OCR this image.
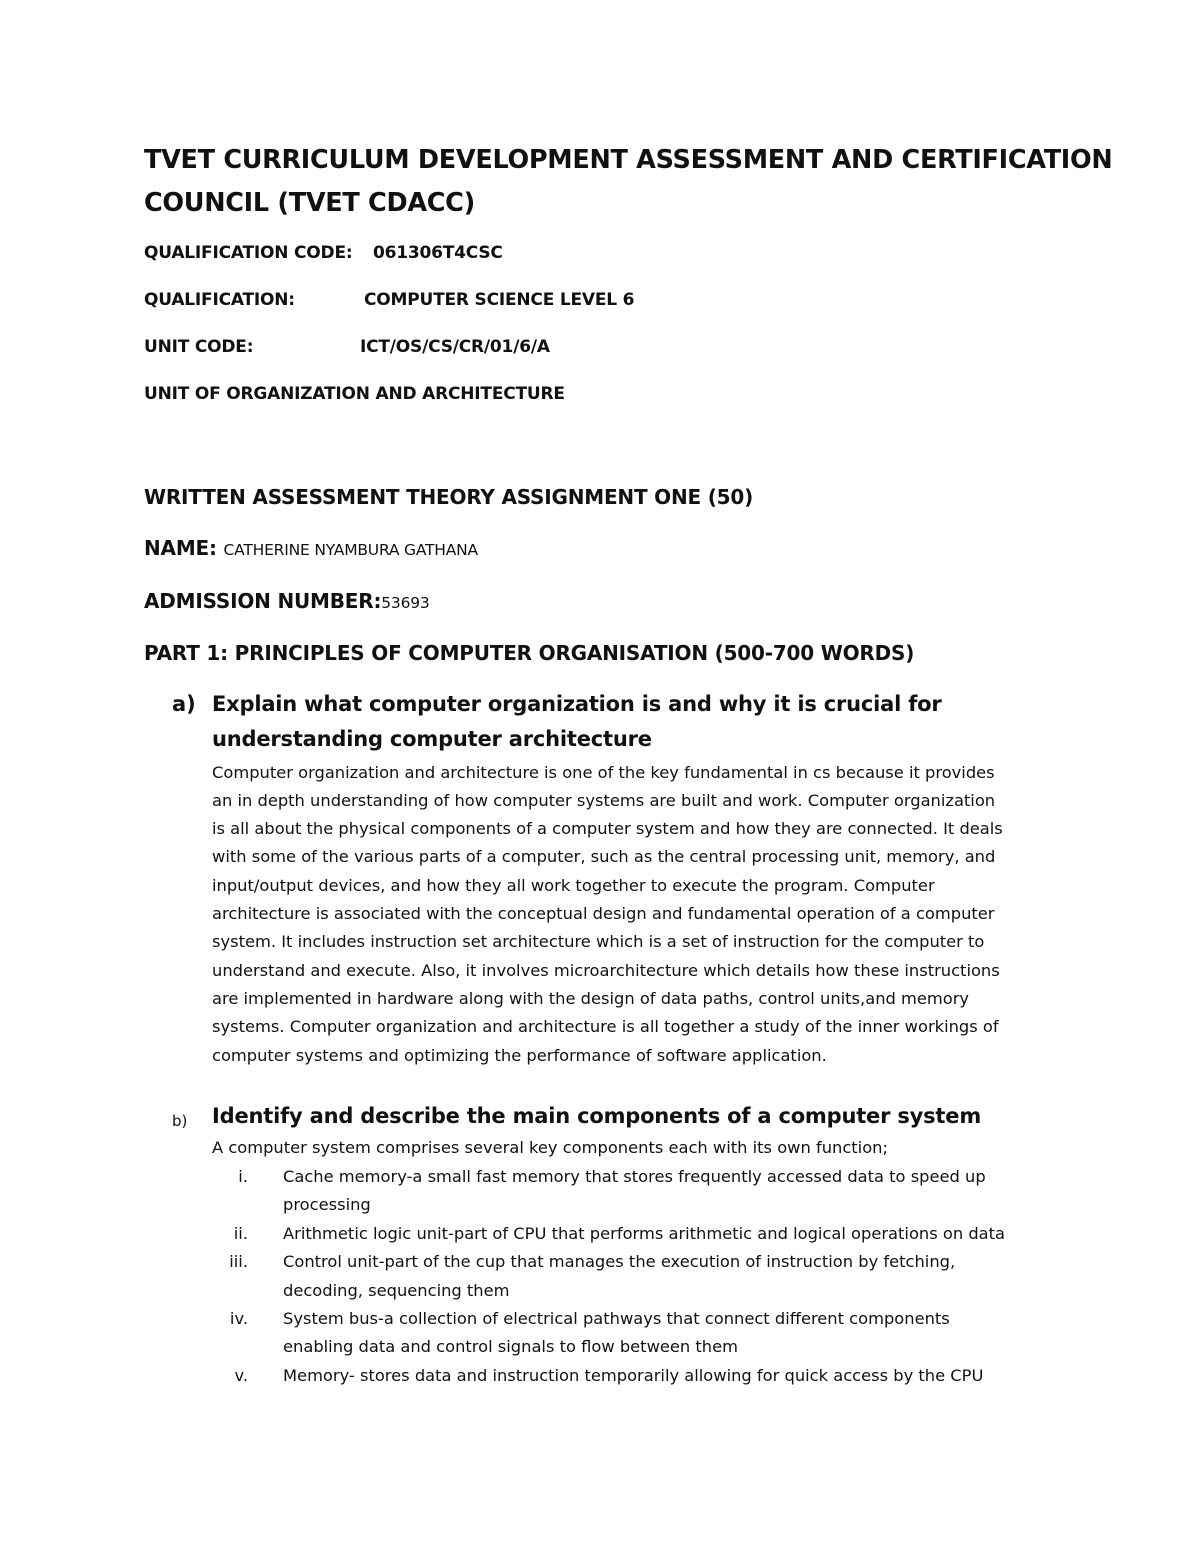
TVET CURRICULUM DEVELOPMENT ASSESSMENT AND CERTIFICATION
COUNCIL (TVET CDACC)
QUALIFICATION CODE: 061306T4CSC
QUALIFICATION:	COMPUTER SCIENCE LEVEL 6
UNIT CODE:	ICT/OS/CS/CR/01/6/A
UNIT OF ORGANIZATION AND ARCHITECTURE
WRITTEN ASSESSMENT THEORY ASSIGNMENT ONE (50)
NAME: CATHERINE NYAMBURA GATHANA
ADMISSION NUMBER:53693
PART 1: PRINCIPLES OF COMPUTER ORGANISATION (500-700 WORDS)
a) Explain what computer organization is and why it is crucial for
understanding computer architecture
Computer organization and architecture is one of the key fundamental in cs because it provides
an in depth understanding of how computer systems are built and work. Computer organization
is all about the physical components of a computer system and how they are connected. It deals
with some of the various parts of a computer, such as the central processing unit, memory, and
input/output devices, and how they all work together to execute the program. Computer
architecture is associated with the conceptual design and fundamental operation of a computer
system. It includes instruction set architecture which is a set of instruction for the computer to
understand and execute. Also, it involves microarchitecture which details how these instructions
are implemented in hardware along with the design of data paths, control units,and memory
systems. Computer organization and architecture is all together a study of the inner workings of
computer systems and optimizing the performance of software application.
b) Identify and describe the main components of a computer system
A computer system comprises several key components each with its own function;
i. Cache memory-a small fast memory that stores frequently accessed data to speed up
processing
ii. Arithmetic logic unit-part of CPU that performs arithmetic and logical operations on data
iii. Control unit-part of the cup that manages the execution of instruction by fetching,
decoding, sequencing them
iv. System bus-a collection of electrical pathways that connect different components
enabling data and control signals to flow between them
v. Memory- stores data and instruction temporarily allowing for quick access by the CPU
